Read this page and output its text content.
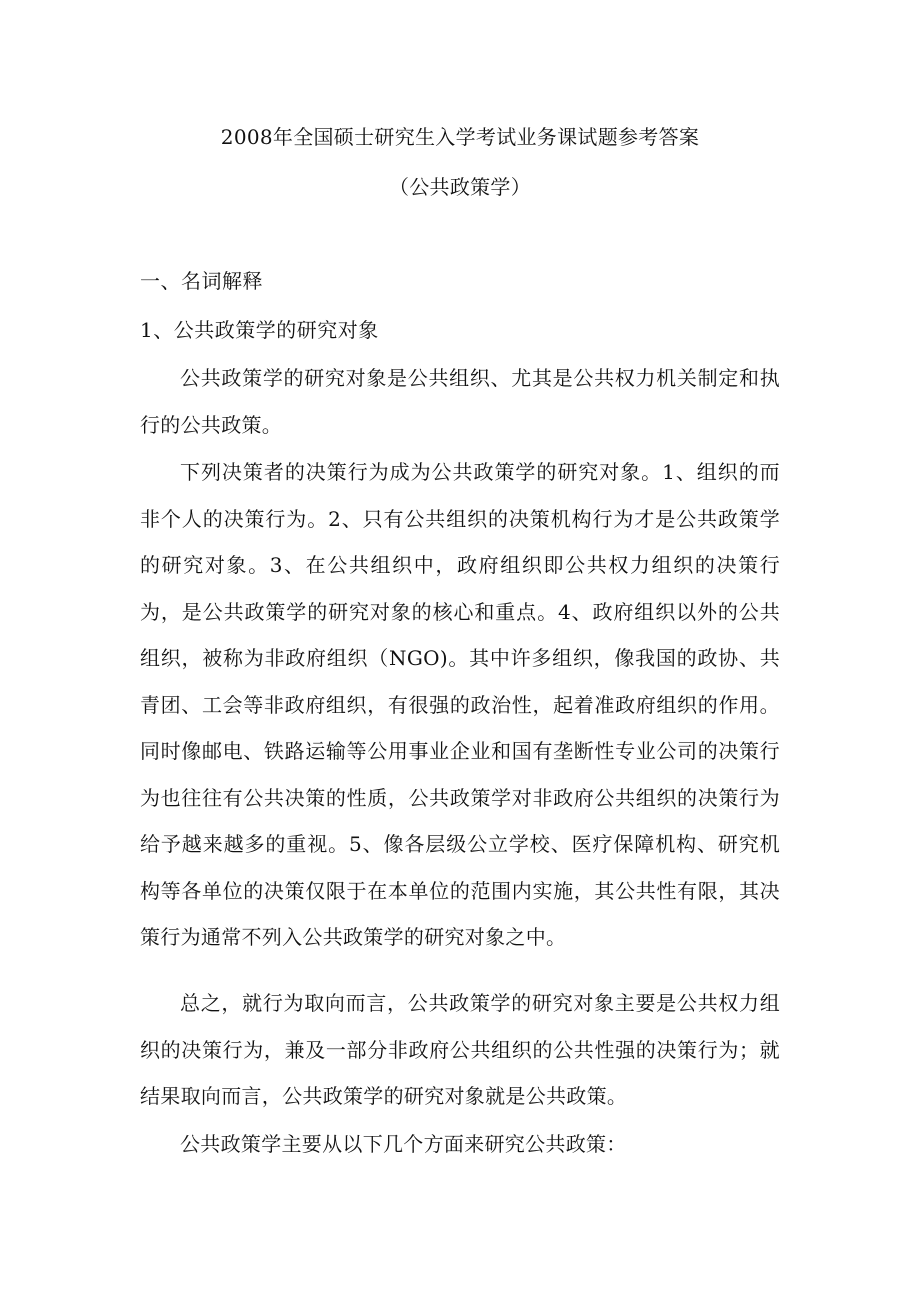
2008年全国硕士研究生入学考试业务课试题参考答案
（公共政策学）
一、名词解释
1、公共政策学的研究对象

公共政策学的研究对象是公共组织、尤其是公共权力机关制定和执行的公共政策。

下列决策者的决策行为成为公共政策学的研究对象。1、组织的而非个人的决策行为。2、只有公共组织的决策机构行为才是公共政策学的研究对象。3、在公共组织中，政府组织即公共权力组织的决策行为，是公共政策学的研究对象的核心和重点。4、政府组织以外的公共组织，被称为非政府组织（NGO)。其中许多组织，像我国的政协、共青团、工会等非政府组织，有很强的政治性，起着准政府组织的作用。同时像邮电、铁路运输等公用事业企业和国有垄断性专业公司的决策行为也往往有公共决策的性质，公共政策学对非政府公共组织的决策行为给予越来越多的重视。5、像各层级公立学校、医疗保障机构、研究机构等各单位的决策仅限于在本单位的范围内实施，其公共性有限，其决策行为通常不列入公共政策学的研究对象之中。

总之，就行为取向而言，公共政策学的研究对象主要是公共权力组织的决策行为，兼及一部分非政府公共组织的公共性强的决策行为；就结果取向而言，公共政策学的研究对象就是公共政策。

公共政策学主要从以下几个方面来研究公共政策：
